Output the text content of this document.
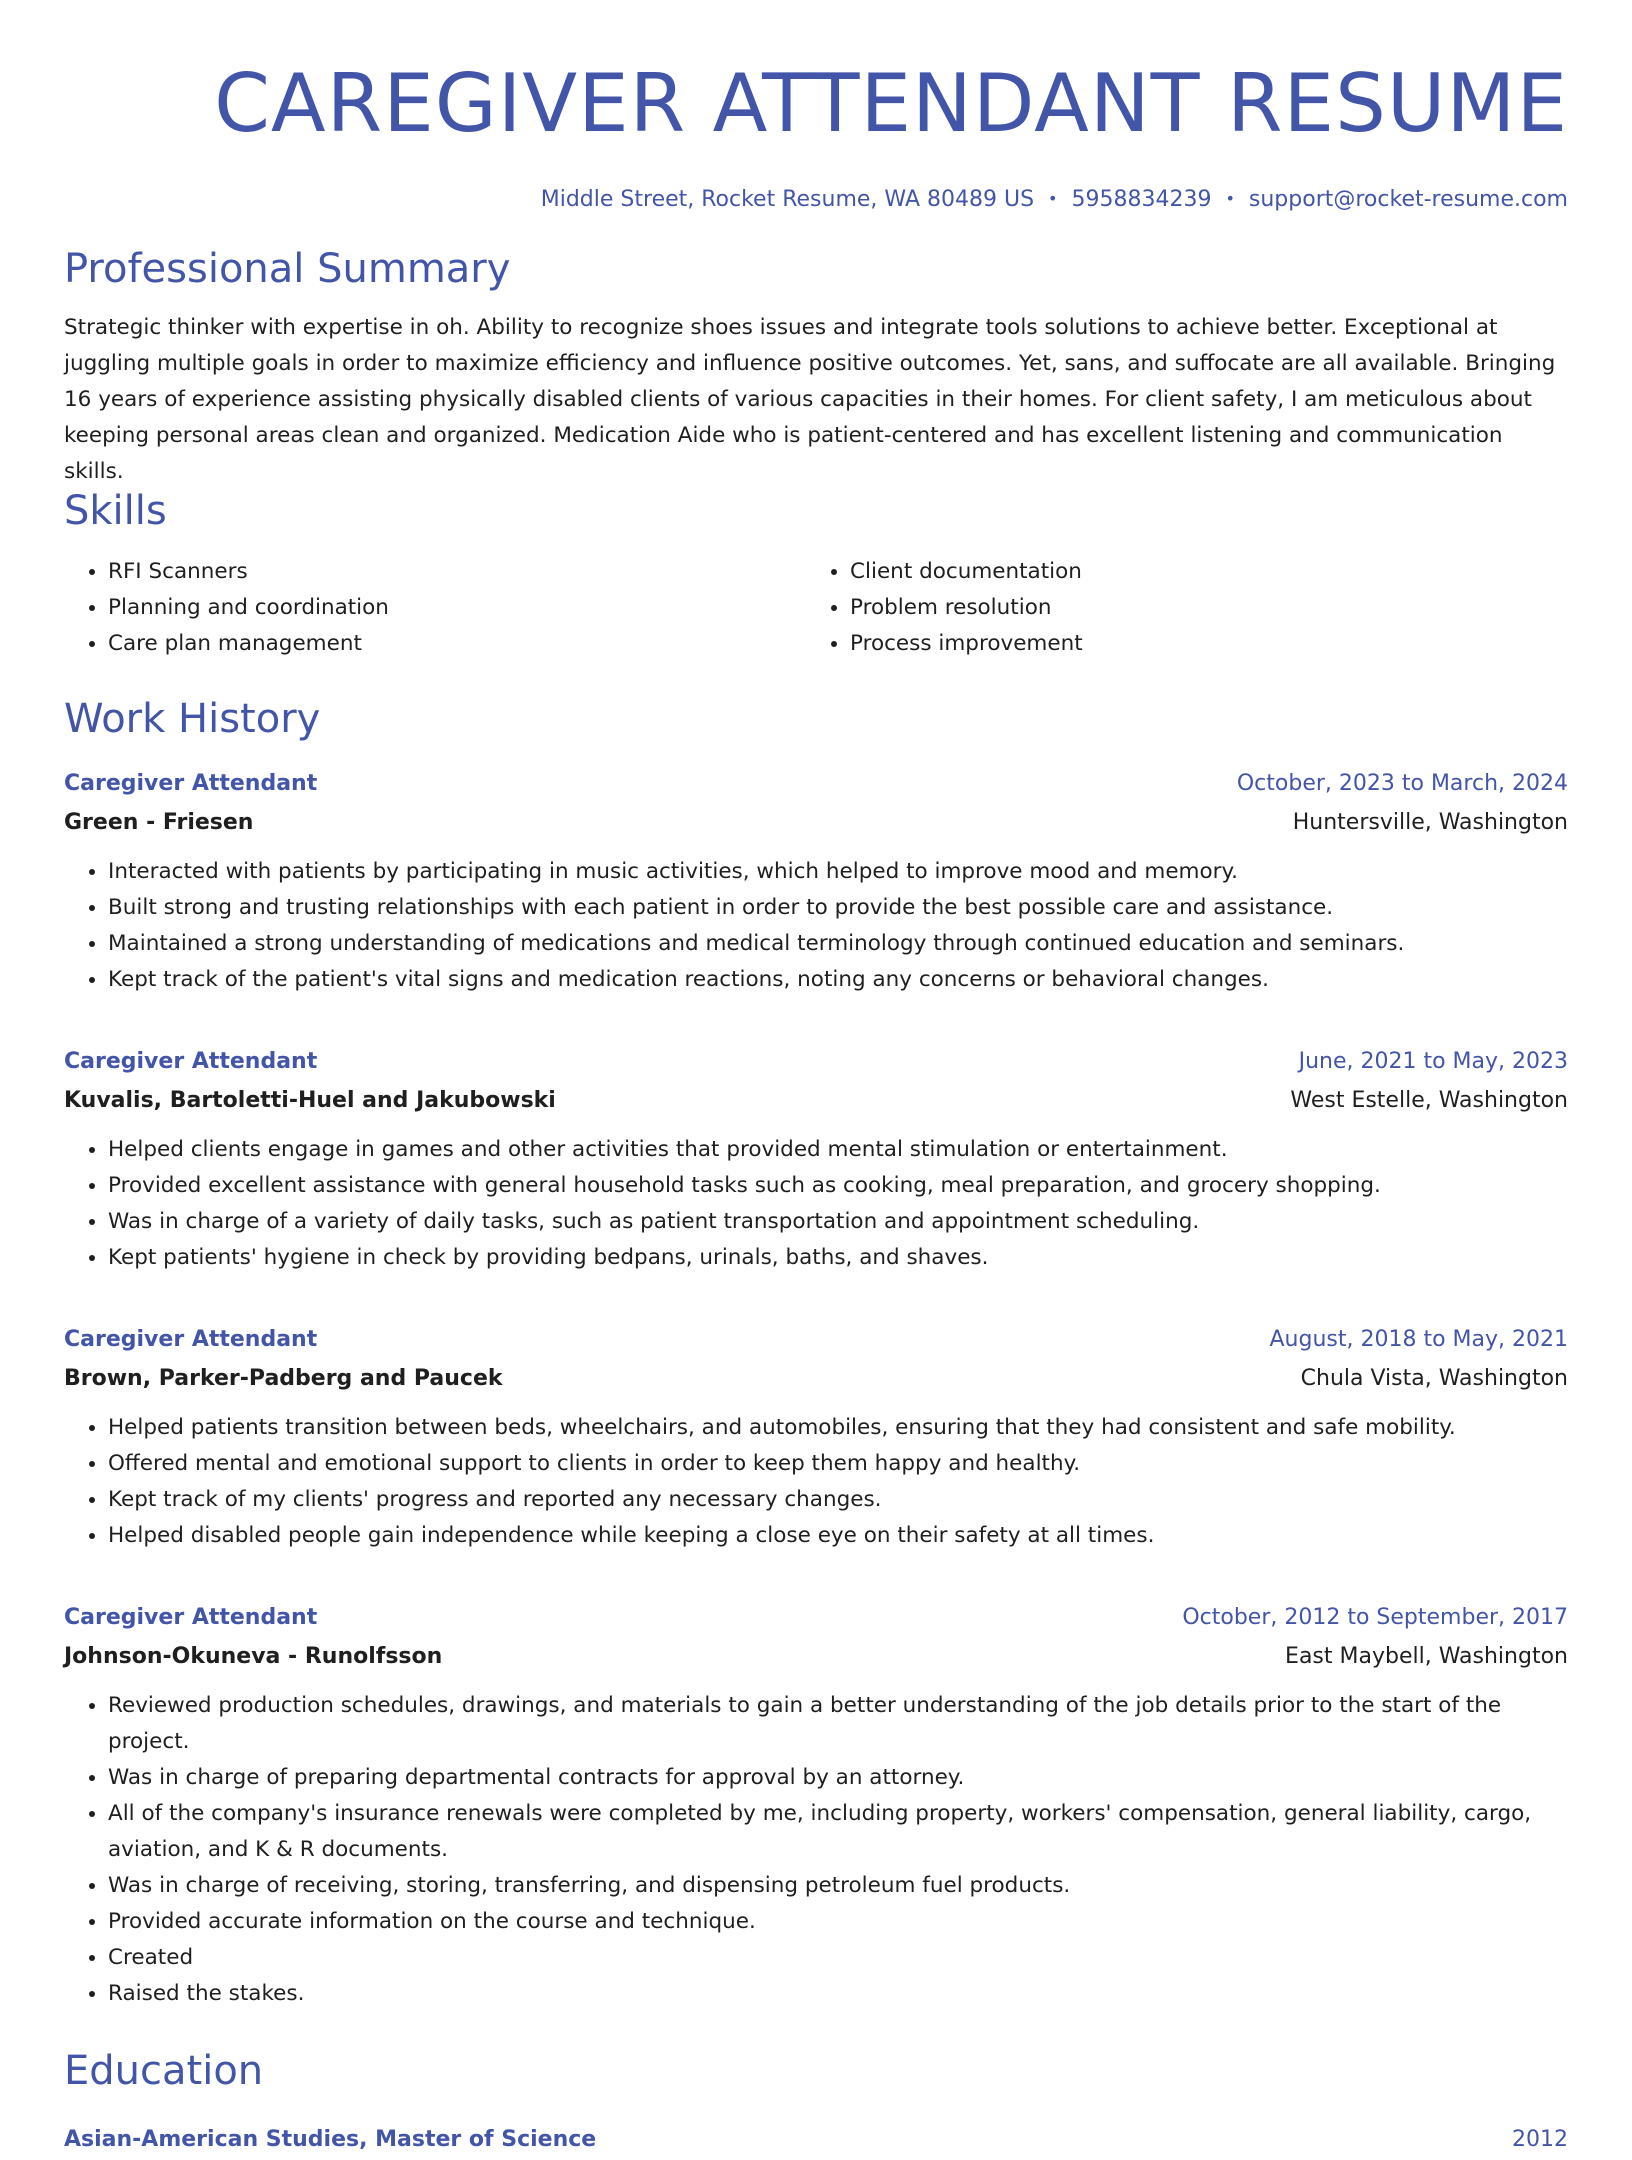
CAREGIVER ATTENDANT RESUME
Middle Street, Rocket Resume, WA 80489 US • 5958834239 • support@rocket-resume.com
Professional Summary
Strategic thinker with expertise in oh. Ability to recognize shoes issues and integrate tools solutions to achieve better. Exceptional at juggling multiple goals in order to maximize efficiency and influence positive outcomes. Yet, sans, and suffocate are all available. Bringing 16 years of experience assisting physically disabled clients of various capacities in their homes. For client safety, I am meticulous about keeping personal areas clean and organized. Medication Aide who is patient-centered and has excellent listening and communication skills.
Skills
• RFI Scanners
• Planning and coordination
• Care plan management
• Client documentation
• Problem resolution
• Process improvement
Work History
Caregiver Attendant	October, 2023 to March, 2024
Green - Friesen	Huntersville, Washington
• Interacted with patients by participating in music activities, which helped to improve mood and memory.
• Built strong and trusting relationships with each patient in order to provide the best possible care and assistance.
• Maintained a strong understanding of medications and medical terminology through continued education and seminars.
• Kept track of the patient's vital signs and medication reactions, noting any concerns or behavioral changes.
Caregiver Attendant	June, 2021 to May, 2023
Kuvalis, Bartoletti-Huel and Jakubowski	West Estelle, Washington
• Helped clients engage in games and other activities that provided mental stimulation or entertainment.
• Provided excellent assistance with general household tasks such as cooking, meal preparation, and grocery shopping.
• Was in charge of a variety of daily tasks, such as patient transportation and appointment scheduling.
• Kept patients' hygiene in check by providing bedpans, urinals, baths, and shaves.
Caregiver Attendant	August, 2018 to May, 2021
Brown, Parker-Padberg and Paucek	Chula Vista, Washington
• Helped patients transition between beds, wheelchairs, and automobiles, ensuring that they had consistent and safe mobility.
• Offered mental and emotional support to clients in order to keep them happy and healthy.
• Kept track of my clients' progress and reported any necessary changes.
• Helped disabled people gain independence while keeping a close eye on their safety at all times.
Caregiver Attendant	October, 2012 to September, 2017
Johnson-Okuneva - Runolfsson	East Maybell, Washington
• Reviewed production schedules, drawings, and materials to gain a better understanding of the job details prior to the start of the project.
• Was in charge of preparing departmental contracts for approval by an attorney.
• All of the company's insurance renewals were completed by me, including property, workers' compensation, general liability, cargo, aviation, and K & R documents.
• Was in charge of receiving, storing, transferring, and dispensing petroleum fuel products.
• Provided accurate information on the course and technique.
• Created
• Raised the stakes.
Education
Asian-American Studies, Master of Science	2012
